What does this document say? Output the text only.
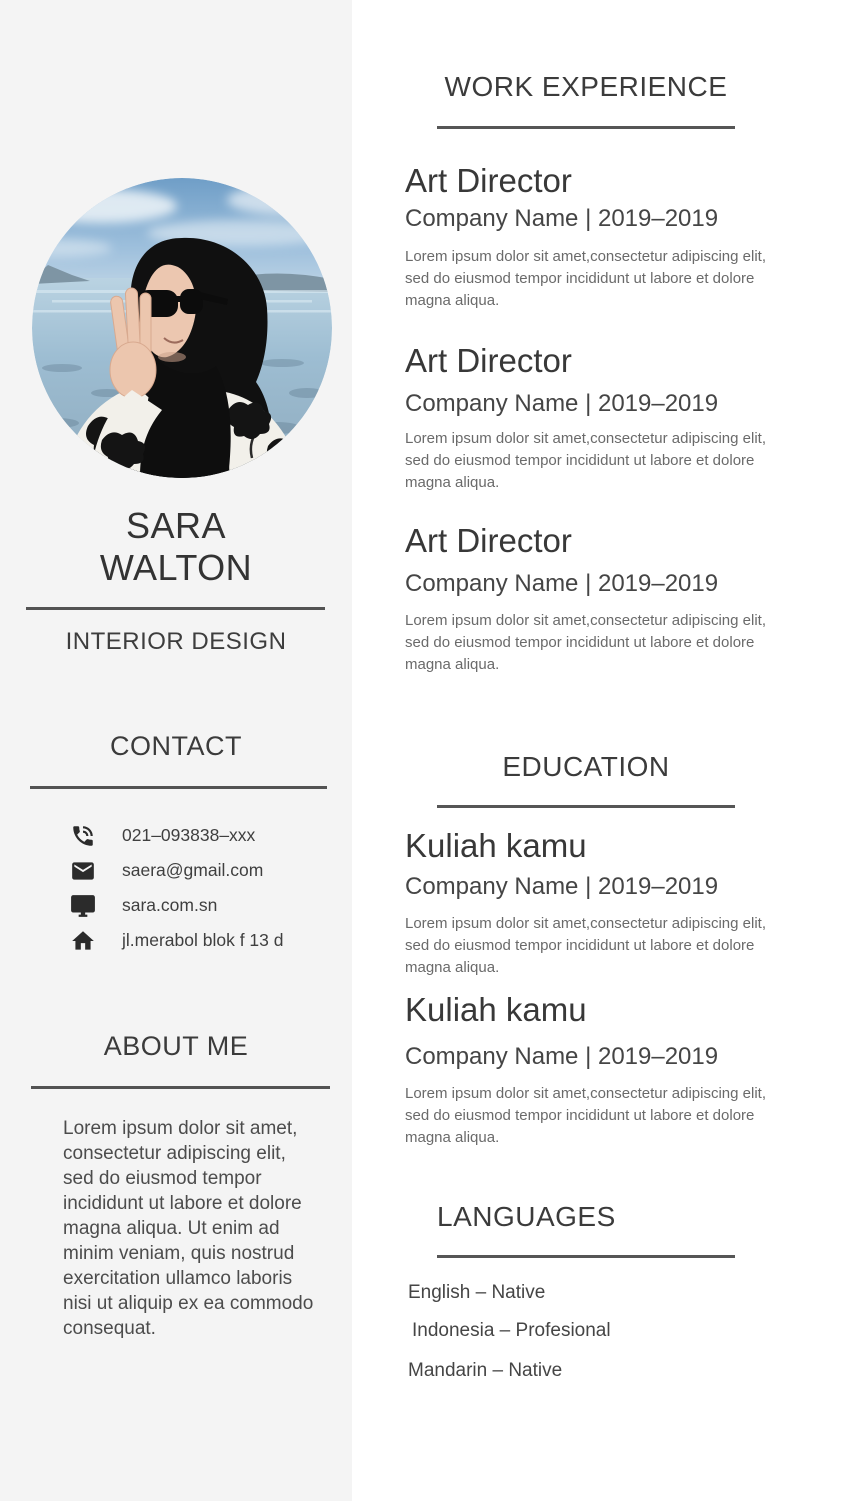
SARA
WALTON
INTERIOR DESIGN
CONTACT
021–093838–xxx
saera@gmail.com
sara.com.sn
jl.merabol blok f 13 d
ABOUT ME
Lorem ipsum dolor sit amet,
consectetur adipiscing elit,
sed do eiusmod tempor
incididunt ut labore et dolore
magna aliqua. Ut enim ad
minim veniam, quis nostrud
exercitation ullamco laboris
nisi ut aliquip ex ea commodo
consequat.
WORK EXPERIENCE
Art Director
Company Name | 2019–2019
Lorem ipsum dolor sit amet,consectetur adipiscing elit,
sed do eiusmod tempor incididunt ut labore et dolore
magna aliqua.
Art Director
Company Name | 2019–2019
Lorem ipsum dolor sit amet,consectetur adipiscing elit,
sed do eiusmod tempor incididunt ut labore et dolore
magna aliqua.
Art Director
Company Name | 2019–2019
Lorem ipsum dolor sit amet,consectetur adipiscing elit,
sed do eiusmod tempor incididunt ut labore et dolore
magna aliqua.
EDUCATION
Kuliah kamu
Company Name | 2019–2019
Lorem ipsum dolor sit amet,consectetur adipiscing elit,
sed do eiusmod tempor incididunt ut labore et dolore
magna aliqua.
Kuliah kamu
Company Name | 2019–2019
Lorem ipsum dolor sit amet,consectetur adipiscing elit,
sed do eiusmod tempor incididunt ut labore et dolore
magna aliqua.
LANGUAGES
English – Native
Indonesia – Profesional
Mandarin – Native
